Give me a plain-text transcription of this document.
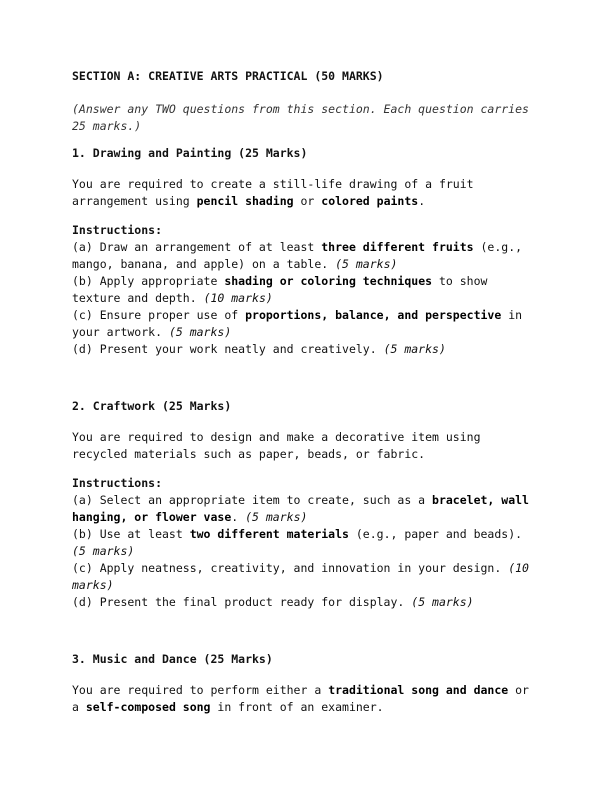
SECTION A: CREATIVE ARTS PRACTICAL (50 MARKS)

(Answer any TWO questions from this section. Each question carries 25 marks.)

1. Drawing and Painting (25 Marks)

You are required to create a still-life drawing of a fruit arrangement using pencil shading or colored paints.

Instructions:

(a) Draw an arrangement of at least three different fruits (e.g., mango, banana, and apple) on a table. (5 marks)

(b) Apply appropriate shading or coloring techniques to show texture and depth. (10 marks)

(c) Ensure proper use of proportions, balance, and perspective in your artwork. (5 marks)

(d) Present your work neatly and creatively. (5 marks)

2. Craftwork (25 Marks)

You are required to design and make a decorative item using recycled materials such as paper, beads, or fabric.

Instructions:

(a) Select an appropriate item to create, such as a bracelet, wall hanging, or flower vase. (5 marks)

(b) Use at least two different materials (e.g., paper and beads). (5 marks)

(c) Apply neatness, creativity, and innovation in your design. (10 marks)

(d) Present the final product ready for display. (5 marks)

3. Music and Dance (25 Marks)

You are required to perform either a traditional song and dance or a self-composed song in front of an examiner.
